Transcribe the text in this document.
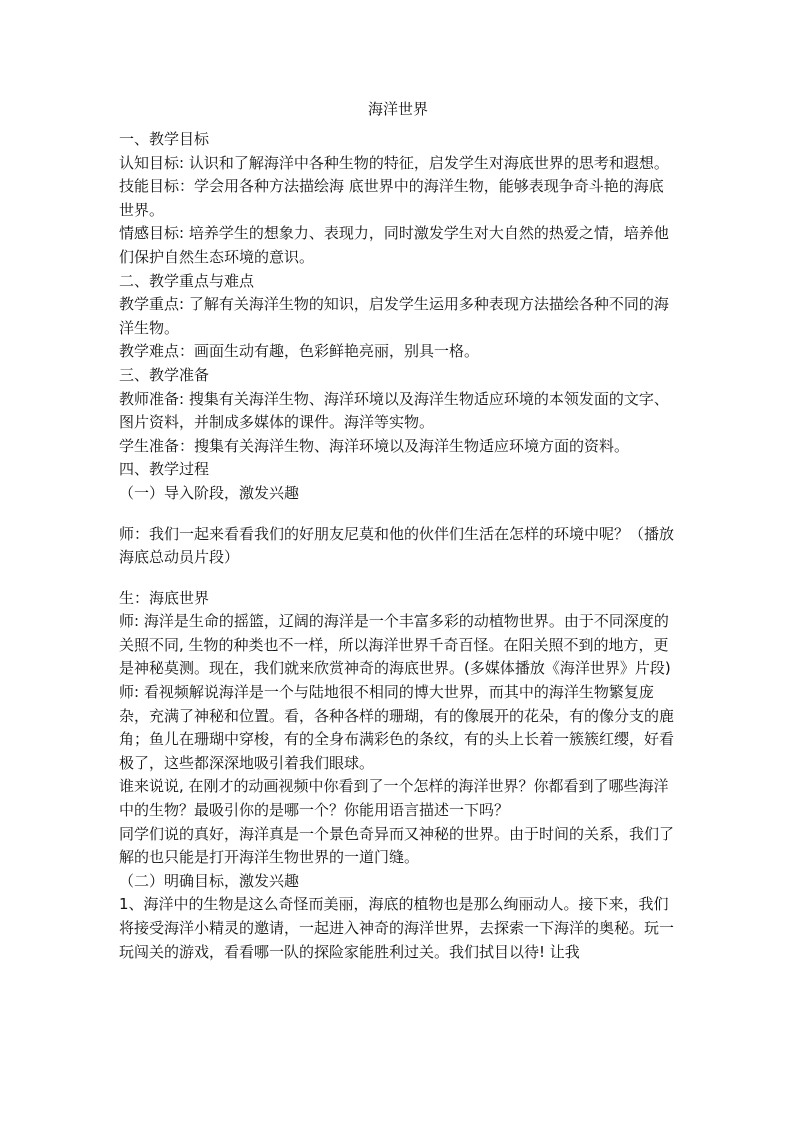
海洋世界
一、教学目标
认知目标: 认识和了解海洋中各种生物的特征，启发学生对海底世界的思考和遐想。
技能目标：学会用各种方法描绘海 底世界中的海洋生物，能够表现争奇斗艳的海底世界。
情感目标: 培养学生的想象力、表现力，同时激发学生对大自然的热爱之情，培养他们保护自然生态环境的意识。
二、教学重点与难点
教学重点: 了解有关海洋生物的知识，启发学生运用多种表现方法描绘各种不同的海洋生物。
教学难点：画面生动有趣，色彩鲜艳亮丽，别具一格。
三、教学准备
教师准备: 搜集有关海洋生物、海洋环境以及海洋生物适应环境的本领发面的文字、图片资料，并制成多媒体的课件。海洋等实物。
学生准备：搜集有关海洋生物、海洋环境以及海洋生物适应环境方面的资料。
四、教学过程
（一）导入阶段，激发兴趣
师：我们一起来看看我们的好朋友尼莫和他的伙伴们生活在怎样的环境中呢？（播放海底总动员片段）
生：海底世界
师: 海洋是生命的摇篮，辽阔的海洋是一个丰富多彩的动植物世界。由于不同深度的关照不同, 生物的种类也不一样，所以海洋世界千奇百怪。在阳关照不到的地方，更是神秘莫测。现在，我们就来欣赏神奇的海底世界。(多媒体播放《海洋世界》片段)
师: 看视频解说海洋是一个与陆地很不相同的博大世界，而其中的海洋生物繁复庞杂，充满了神秘和位置。看，各种各样的珊瑚，有的像展开的花朵，有的像分支的鹿角；鱼儿在珊瑚中穿梭，有的全身布满彩色的条纹，有的头上长着一簇簇红缨，好看极了，这些都深深地吸引着我们眼球。
谁来说说, 在刚才的动画视频中你看到了一个怎样的海洋世界？你都看到了哪些海洋中的生物？最吸引你的是哪一个？你能用语言描述一下吗？
同学们说的真好，海洋真是一个景色奇异而又神秘的世界。由于时间的关系，我们了解的也只能是打开海洋生物世界的一道门缝。
（二）明确目标，激发兴趣
1、海洋中的生物是这么奇怪而美丽，海底的植物也是那么绚丽动人。接下来，我们将接受海洋小精灵的邀请，一起进入神奇的海洋世界，去探索一下海洋的奥秘。玩一玩闯关的游戏，看看哪一队的探险家能胜利过关。我们拭目以待! 让我
